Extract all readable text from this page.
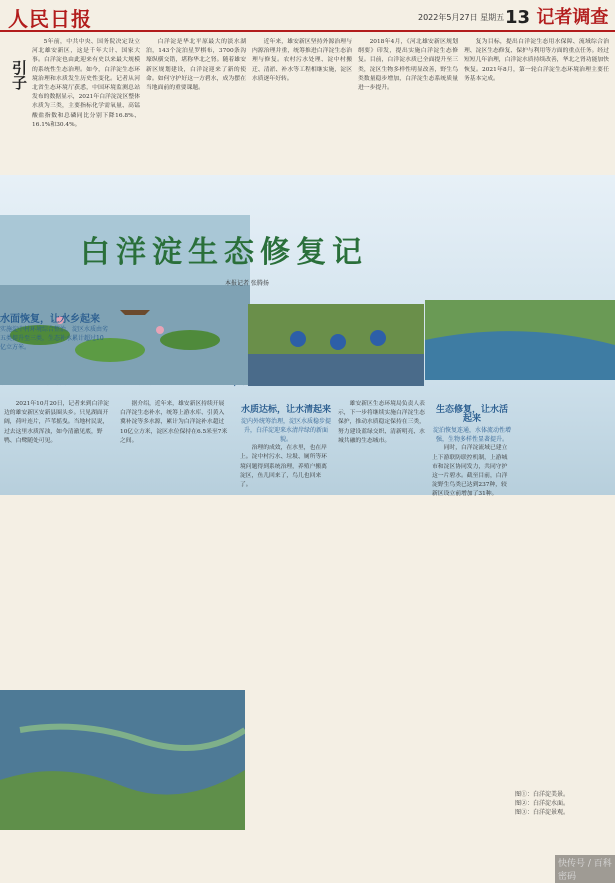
人民日报	2022年5月27日 星期五 13 记者调查
引子

5年前，中共中央、国务院决定设立河北雄安新区，这是千年大计、国家大事。白洋淀也由此迎来有史以来最大规模的系统性生态治理。如今，白洋淀生态环境治理和水质发生历史性变化。记者从河北省生态环境厅获悉，中国环境监测总站发布的数据显示，2021年白洋淀淀区整体水质为三类，主要指标化学需氧量、高锰酸盐指数和总磷同比分别下降16.8%、16.1%和30.4%。

白洋淀是华北平原最大的淡水湖泊，143个淀泊星罗棋布，3700条沟壕纵横交错，堪称华北之肾。随着雄安新区规划建设，白洋淀迎来了新的使命。如何守护好这一方碧水，成为摆在当地面前的重要课题。

近年来，雄安新区坚持外源治理与内源治理并重，统筹推进白洋淀生态治理与修复。农村污水处理、淀中村搬迁、清淤、补水等工程相继实施，淀区水质逐年好转。

2018年4月，《河北雄安新区规划纲要》印发，提出实施白洋淀生态修复。目前，白洋淀水质已全面提升至三类，淀区生物多样性明显改善，野生鸟类数量稳步增加，白洋淀生态系统质量进一步提升。

复为目标，提出白洋淀生态用水保障、流域综合治理、淀区生态修复、保护与利用等方面的重点任务。经过短短几年治理，白洋淀水质持续改善，华北之肾功能加快恢复。2021年8月，第一轮白洋淀生态环境治理主要任务基本完成。

白洋淀生态修复记
本报记者 张腾扬
水面恢复，让水乡起来
实施淀中村环境综合整治，淀区水质由劣五类提升至三类，生态补水累计超过10亿立方米。

2021年10月20日，记者来到白洋淀边的雄安新区安新县圈头乡。只见湖面开阔，荷叶连片，芦苇摇曳。当地村民说，过去这里水质浑浊，如今清澈见底，野鸭、白鹭随处可见。

据介绍，近年来，雄安新区持续开展白洋淀生态补水，统筹上游水库、引黄入冀补淀等多水源，累计为白洋淀补水超过10亿立方米，淀区水位保持在6.5米至7米之间。

水质达标，让水清起来
淀内外统筹治理，淀区水质稳步提升，白洋淀迎来水清岸绿的新面貌。

治理的成效，在水里，也在岸上。淀中村污水、垃圾、厕所等环境问题得到系统治理，养殖户搬离淀区，鱼儿回来了，鸟儿也回来了。

雄安新区生态环境局负责人表示，下一步将继续实施白洋淀生态保护，推动水质稳定保持在三类，努力建设蓝绿交织、清新明亮、水城共融的生态城市。

生态修复，让水活起来
淀泊恢复连通，水体流动性增强，生物多样性显著提升。

同时，白洋淀流域已建立上下游联防联控机制，上游城市和淀区协同发力，共同守护这一片碧水。截至目前，白洋淀野生鸟类已达到237种，较新区设立前增加了31种。

图①：白洋淀美景。
图②：白洋淀水面。
图③：白洋淀景观。
快传号 / 百科密码
